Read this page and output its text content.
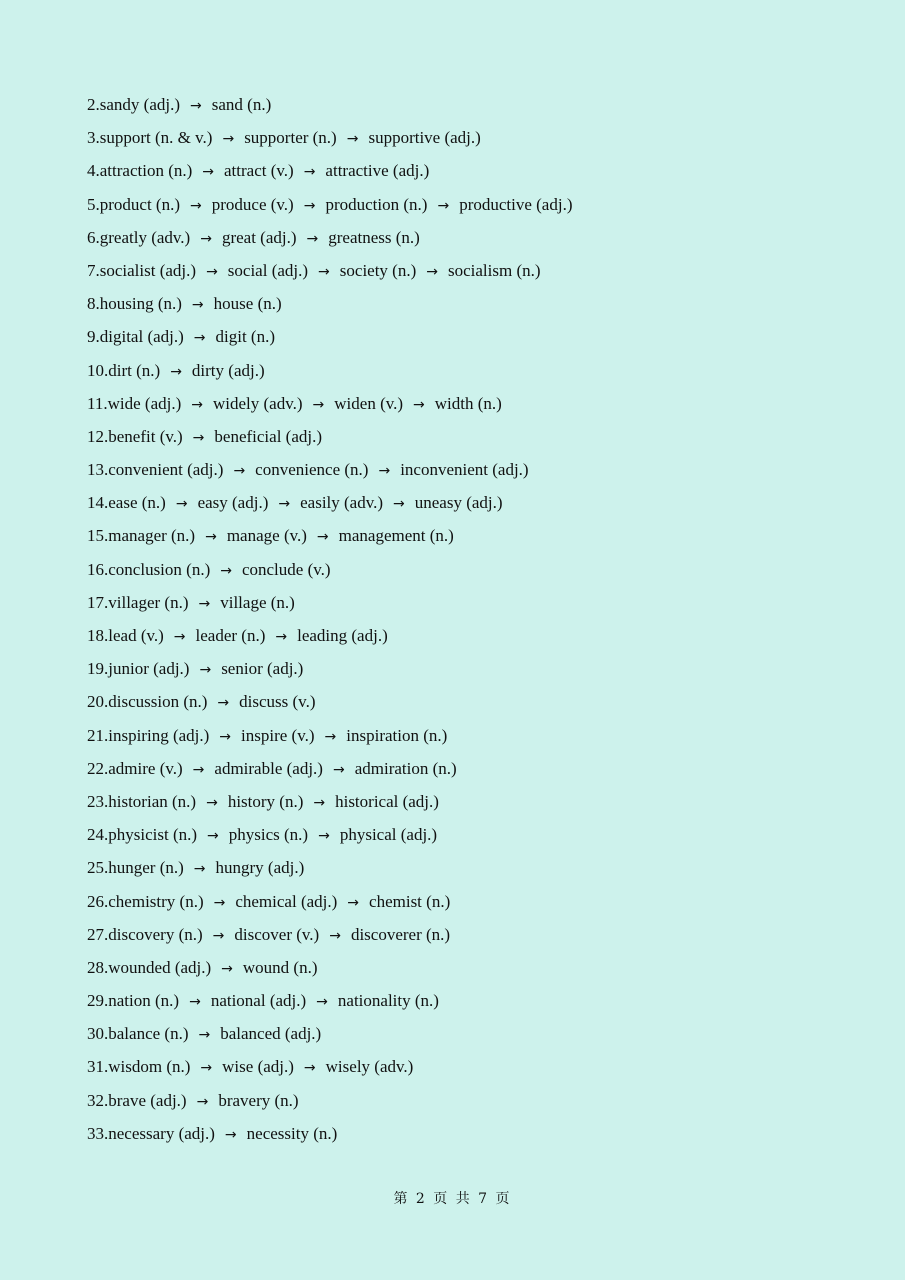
2.sandy (adj.) → sand (n.)
3.support (n. & v.) → supporter (n.) → supportive (adj.)
4.attraction (n.) → attract (v.) → attractive (adj.)
5.product (n.) → produce (v.) → production (n.) → productive (adj.)
6.greatly (adv.) → great (adj.) → greatness (n.)
7.socialist (adj.) → social (adj.) → society (n.) → socialism (n.)
8.housing (n.) → house (n.)
9.digital (adj.) → digit (n.)
10.dirt (n.) → dirty (adj.)
11.wide (adj.) → widely (adv.) → widen (v.) → width (n.)
12.benefit (v.) → beneficial (adj.)
13.convenient (adj.) → convenience (n.) → inconvenient (adj.)
14.ease (n.) → easy (adj.) → easily (adv.) → uneasy (adj.)
15.manager (n.) → manage (v.) → management (n.)
16.conclusion (n.) → conclude (v.)
17.villager (n.) → village (n.)
18.lead (v.) → leader (n.) → leading (adj.)
19.junior (adj.) → senior (adj.)
20.discussion (n.) → discuss (v.)
21.inspiring (adj.) → inspire (v.) → inspiration (n.)
22.admire (v.) → admirable (adj.) → admiration (n.)
23.historian (n.) → history (n.) → historical (adj.)
24.physicist (n.) → physics (n.) → physical (adj.)
25.hunger (n.) → hungry (adj.)
26.chemistry (n.) → chemical (adj.) → chemist (n.)
27.discovery (n.) → discover (v.) → discoverer (n.)
28.wounded (adj.) → wound (n.)
29.nation (n.) → national (adj.) → nationality (n.)
30.balance (n.) → balanced (adj.)
31.wisdom (n.) → wise (adj.) → wisely (adv.)
32.brave (adj.) → bravery (n.)
33.necessary (adj.) → necessity (n.)
第 2 页 共 7 页
